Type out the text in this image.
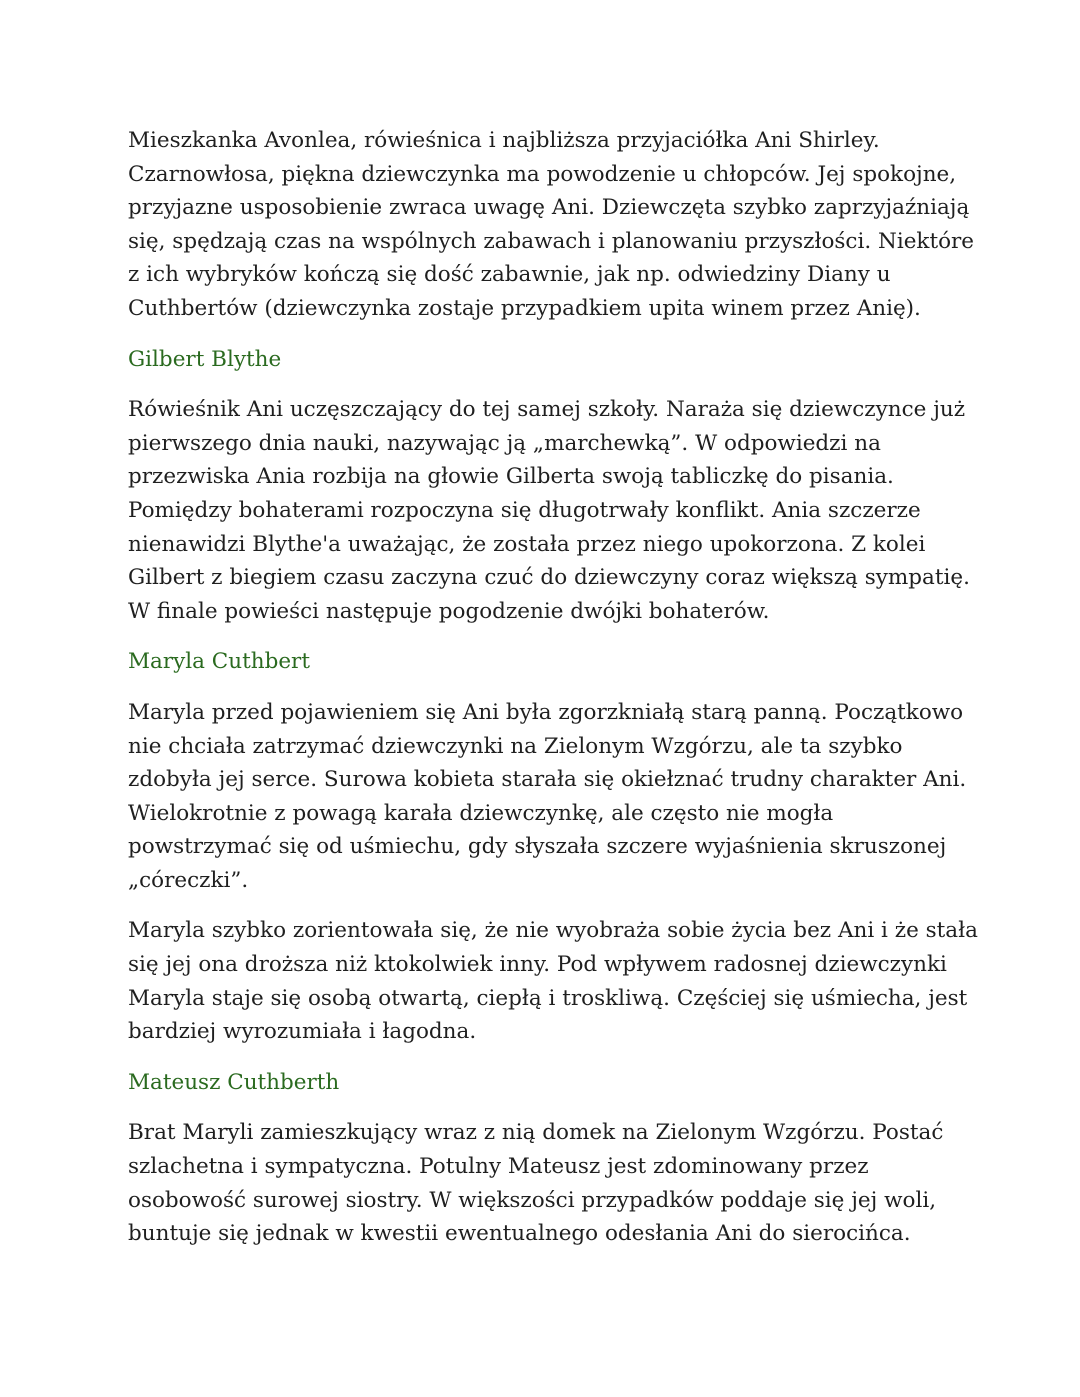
Mieszkanka Avonlea, rówieśnica i najbliższa przyjaciółka Ani Shirley.
Czarnowłosa, piękna dziewczynka ma powodzenie u chłopców. Jej spokojne,
przyjazne usposobienie zwraca uwagę Ani. Dziewczęta szybko zaprzyjaźniają
się, spędzają czas na wspólnych zabawach i planowaniu przyszłości. Niektóre
z ich wybryków kończą się dość zabawnie, jak np. odwiedziny Diany u
Cuthbertów (dziewczynka zostaje przypadkiem upita winem przez Anię).
Gilbert Blythe
Rówieśnik Ani uczęszczający do tej samej szkoły. Naraża się dziewczynce już
pierwszego dnia nauki, nazywając ją „marchewką”. W odpowiedzi na
przezwiska Ania rozbija na głowie Gilberta swoją tabliczkę do pisania.
Pomiędzy bohaterami rozpoczyna się długotrwały konflikt. Ania szczerze
nienawidzi Blythe'a uważając, że została przez niego upokorzona. Z kolei
Gilbert z biegiem czasu zaczyna czuć do dziewczyny coraz większą sympatię.
W finale powieści następuje pogodzenie dwójki bohaterów.
Maryla Cuthbert
Maryla przed pojawieniem się Ani była zgorzkniałą starą panną. Początkowo
nie chciała zatrzymać dziewczynki na Zielonym Wzgórzu, ale ta szybko
zdobyła jej serce. Surowa kobieta starała się okiełznać trudny charakter Ani.
Wielokrotnie z powagą karała dziewczynkę, ale często nie mogła
powstrzymać się od uśmiechu, gdy słyszała szczere wyjaśnienia skruszonej
„córeczki”.
Maryla szybko zorientowała się, że nie wyobraża sobie życia bez Ani i że stała
się jej ona droższa niż ktokolwiek inny. Pod wpływem radosnej dziewczynki
Maryla staje się osobą otwartą, ciepłą i troskliwą. Częściej się uśmiecha, jest
bardziej wyrozumiała i łagodna.
Mateusz Cuthberth
Brat Maryli zamieszkujący wraz z nią domek na Zielonym Wzgórzu. Postać
szlachetna i sympatyczna. Potulny Mateusz jest zdominowany przez
osobowość surowej siostry. W większości przypadków poddaje się jej woli,
buntuje się jednak w kwestii ewentualnego odesłania Ani do sierocińca.
